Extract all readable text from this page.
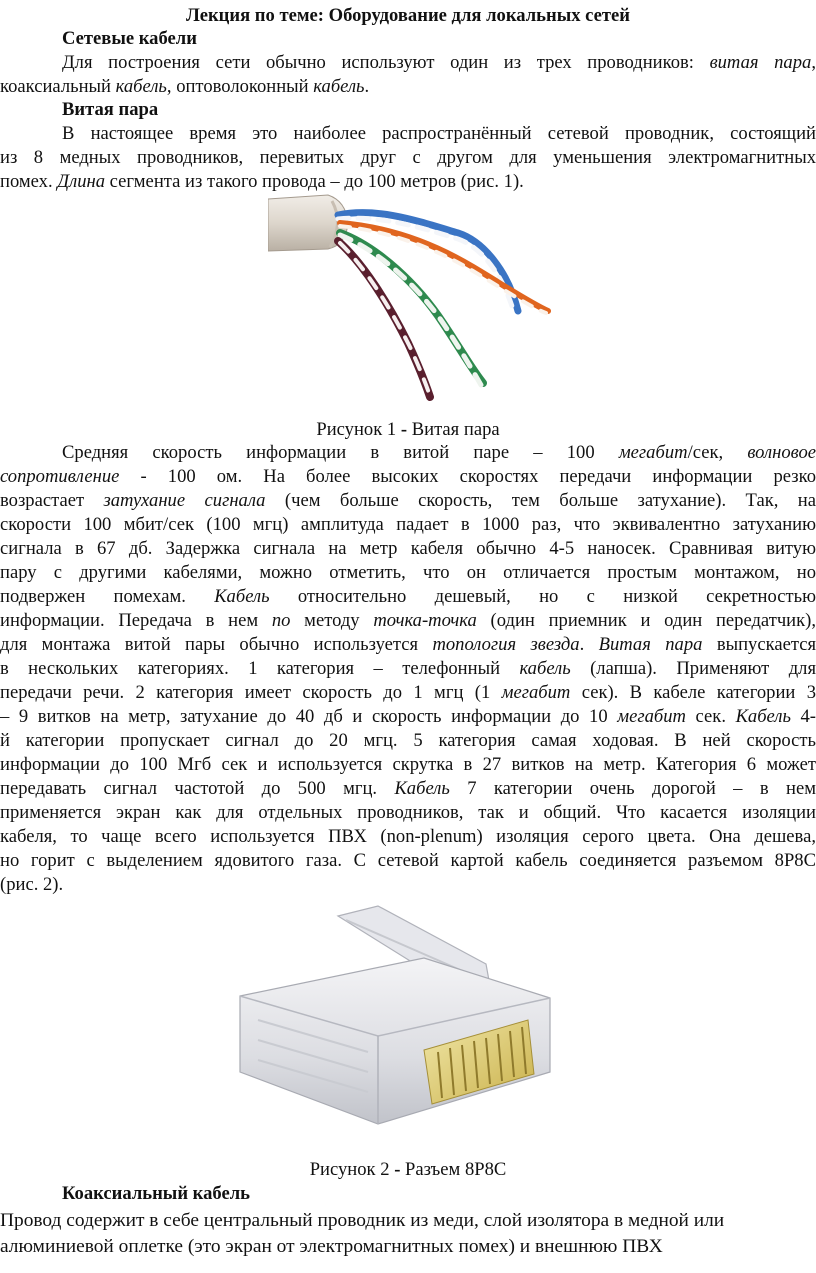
Лекция по теме: Оборудование для локальных сетей
Сетевые кабели
Для построения сети обычно используют один из трех проводников: витая пара,
коаксиальный кабель, оптоволоконный кабель.
Витая пара
В настоящее время это наиболее распространённый сетевой проводник, состоящий
из 8 медных проводников, перевитых друг с другом для уменьшения электромагнитных
помех. Длина сегмента из такого провода – до 100 метров (рис. 1).
Рисунок 1 - Витая пара
Средняя скорость информации в витой паре – 100 мегабит/сек, волновое
сопротивление - 100 ом. На более высоких скоростях передачи информации резко
возрастает затухание сигнала (чем больше скорость, тем больше затухание). Так, на
скорости 100 мбит/сек (100 мгц) амплитуда падает в 1000 раз, что эквивалентно затуханию
сигнала в 67 дб. Задержка сигнала на метр кабеля обычно 4-5 наносек. Сравнивая витую
пару с другими кабелями, можно отметить, что он отличается простым монтажом, но
подвержен помехам. Кабель относительно дешевый, но с низкой секретностью
информации. Передача в нем по методу точка-точка (один приемник и один передатчик),
для монтажа витой пары обычно используется топология звезда. Витая пара выпускается
в нескольких категориях. 1 категория – телефонный кабель (лапша). Применяют для
передачи речи. 2 категория имеет скорость до 1 мгц (1 мегабит сек). В кабеле категории 3
– 9 витков на метр, затухание до 40 дб и скорость информации до 10 мегабит сек. Кабель 4-
й категории пропускает сигнал до 20 мгц. 5 категория самая ходовая. В ней скорость
информации до 100 Мгб сек и используется скрутка в 27 витков на метр. Категория 6 может
передавать сигнал частотой до 500 мгц. Кабель 7 категории очень дорогой – в нем
применяется экран как для отдельных проводников, так и общий. Что касается изоляции
кабеля, то чаще всего используется ПВХ (non-plenum) изоляция серого цвета. Она дешева,
но горит с выделением ядовитого газа. С сетевой картой кабель соединяется разъемом 8P8C
(рис. 2).
Рисунок 2 - Разъем 8P8C
Коаксиальный кабель
Провод содержит в себе центральный проводник из меди, слой изолятора в медной или
алюминиевой оплетке (это экран от электромагнитных помех) и внешнюю ПВХ
